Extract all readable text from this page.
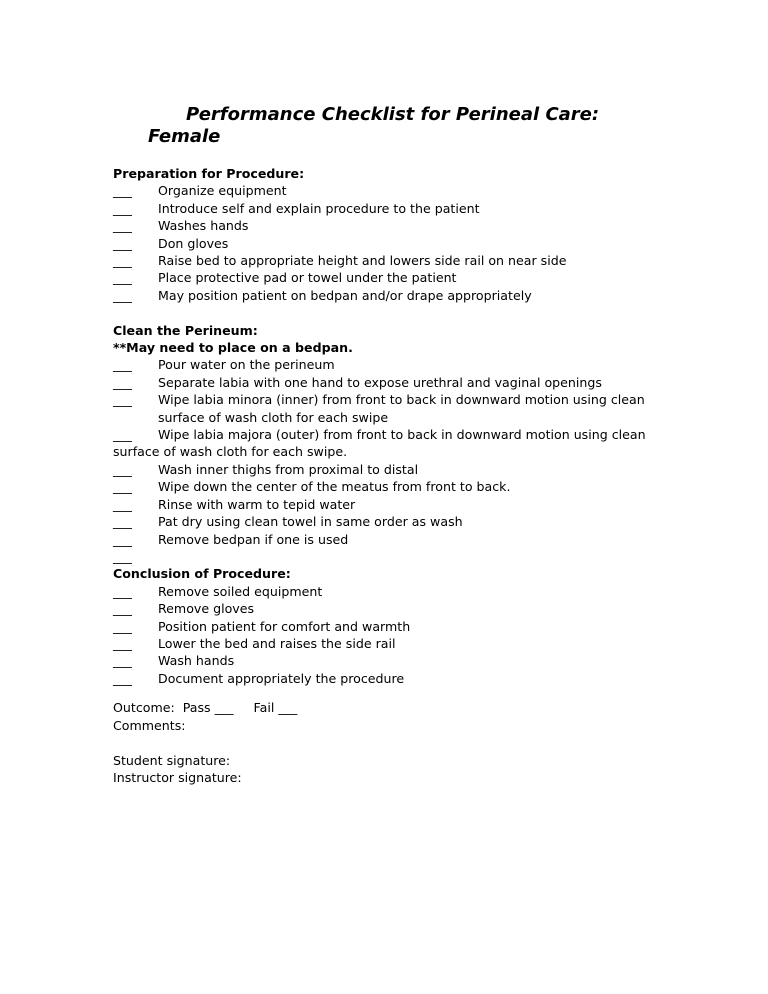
Performance Checklist for Perineal Care: Female
Preparation for Procedure:
___	Organize equipment
___	Introduce self and explain procedure to the patient
___	Washes hands
___	Don gloves
___	Raise bed to appropriate height and lowers side rail on near side
___	Place protective pad or towel under the patient
___	May position patient on bedpan and/or drape appropriately
Clean the Perineum:
**May need to place on a bedpan.
___	Pour water on the perineum
___	Separate labia with one hand to expose urethral and vaginal openings
___	Wipe labia minora (inner) from front to back in downward motion using clean surface of wash cloth for each swipe
___ Wipe labia majora (outer) from front to back in downward motion using clean surface of wash cloth for each swipe.
___	Wash inner thighs from proximal to distal
___	Wipe down the center of the meatus from front to back.
___	Rinse with warm to tepid water
___	Pat dry using clean towel in same order as wash
___	Remove bedpan if one is used
___
Conclusion of Procedure:
___	Remove soiled equipment
___	Remove gloves
___	Position patient for comfort and warmth
___	Lower the bed and raises the side rail
___	Wash hands
___	Document appropriately the procedure
Outcome: Pass ___ Fail ___
Comments:
Student signature:
Instructor signature:
